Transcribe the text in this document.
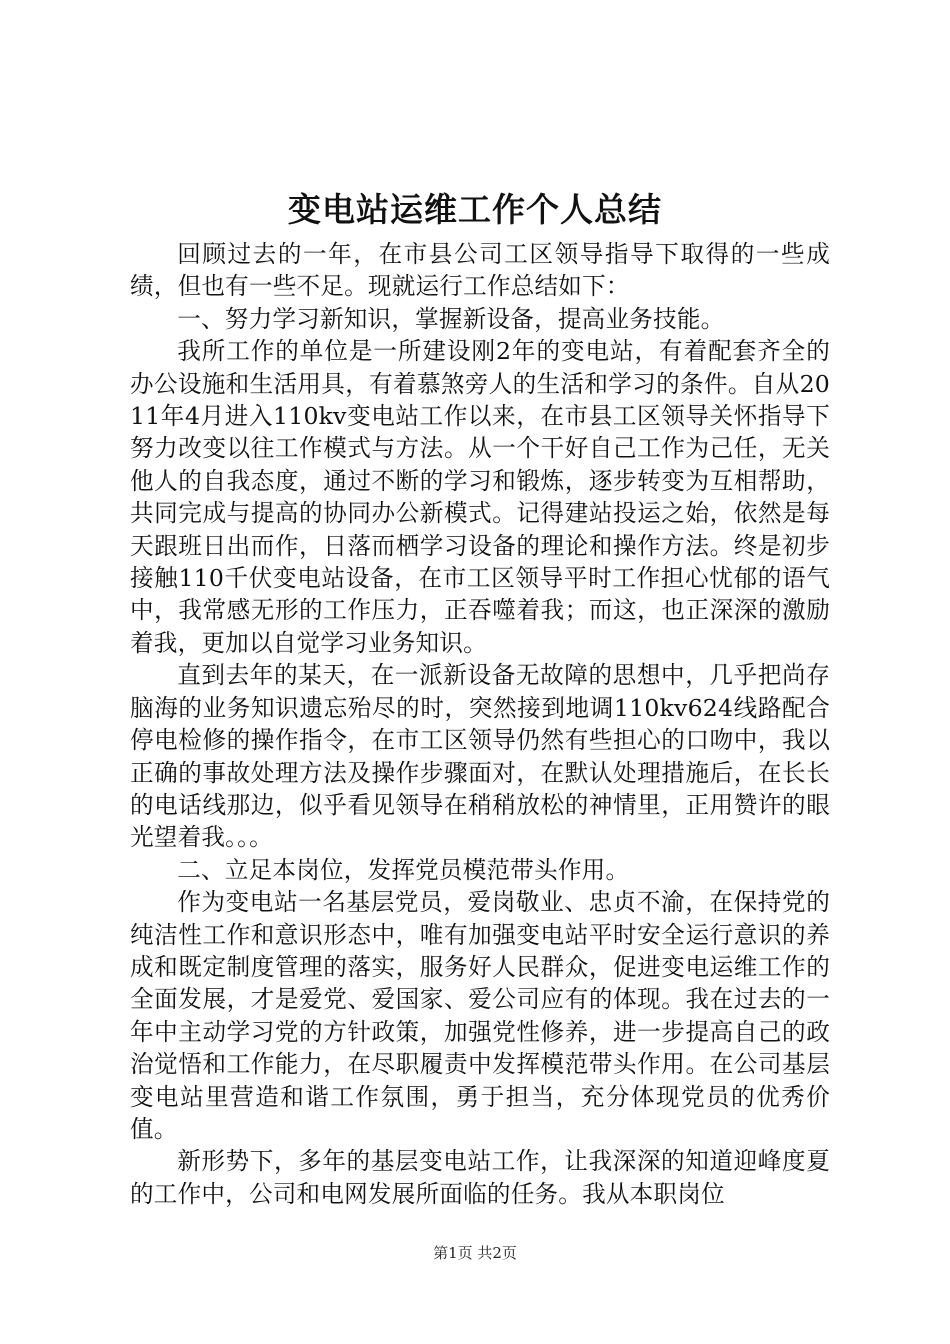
变电站运维工作个人总结

回顾过去的一年，在市县公司工区领导指导下取得的一些成绩，但也有一些不足。现就运行工作总结如下：

一、努力学习新知识，掌握新设备，提高业务技能。

我所工作的单位是一所建设刚2年的变电站，有着配套齐全的办公设施和生活用具，有着慕煞旁人的生活和学习的条件。自从2011年4月进入110kv变电站工作以来，在市县工区领导关怀指导下努力改变以往工作模式与方法。从一个干好自己工作为己任，无关他人的自我态度，通过不断的学习和锻炼，逐步转变为互相帮助，共同完成与提高的协同办公新模式。记得建站投运之始，依然是每天跟班日出而作，日落而栖学习设备的理论和操作方法。终是初步接触110千伏变电站设备，在市工区领导平时工作担心忧郁的语气中，我常感无形的工作压力，正吞噬着我；而这，也正深深的激励着我，更加以自觉学习业务知识。

直到去年的某天，在一派新设备无故障的思想中，几乎把尚存脑海的业务知识遗忘殆尽的时，突然接到地调110kv624线路配合停电检修的操作指令，在市工区领导仍然有些担心的口吻中，我以正确的事故处理方法及操作步骤面对，在默认处理措施后，在长长的电话线那边，似乎看见领导在稍稍放松的神情里，正用赞许的眼光望着我。。。

二、立足本岗位，发挥党员模范带头作用。

作为变电站一名基层党员，爱岗敬业、忠贞不渝，在保持党的纯洁性工作和意识形态中，唯有加强变电站平时安全运行意识的养成和既定制度管理的落实，服务好人民群众，促进变电运维工作的全面发展，才是爱党、爱国家、爱公司应有的体现。我在过去的一年中主动学习党的方针政策，加强党性修养，进一步提高自己的政治觉悟和工作能力，在尽职履责中发挥模范带头作用。在公司基层变电站里营造和谐工作氛围，勇于担当，充分体现党员的优秀价值。

新形势下，多年的基层变电站工作，让我深深的知道迎峰度夏的工作中，公司和电网发展所面临的任务。我从本职岗位

第1页 共2页
